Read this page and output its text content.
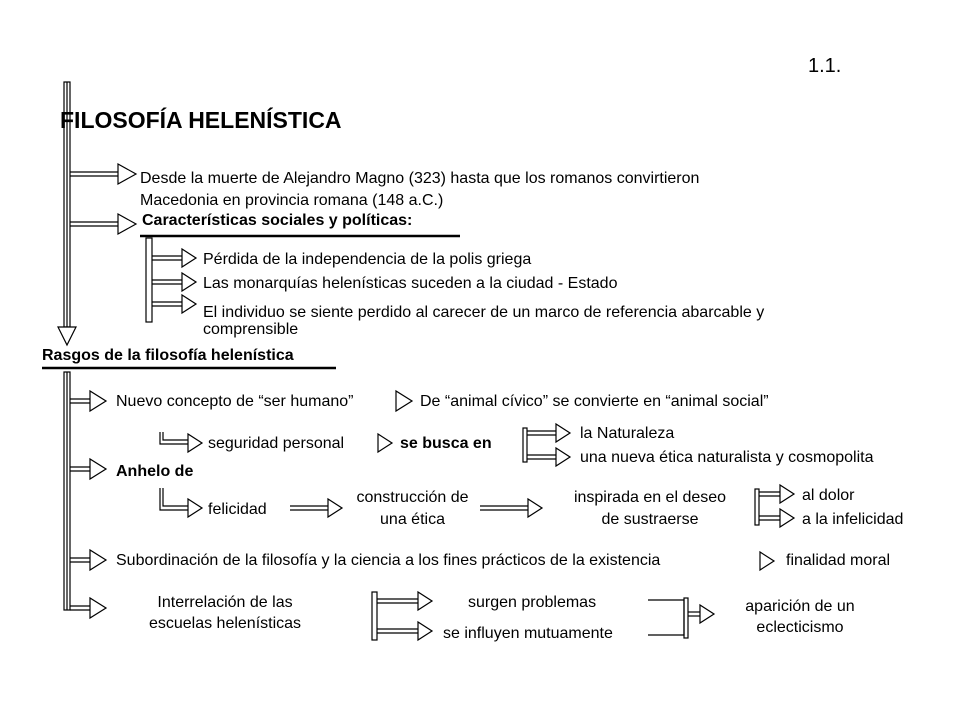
1.1.
FILOSOFÍA HELENÍSTICA
Desde la muerte de Alejandro Magno (323) hasta que los romanos convirtieron
Macedonia en provincia romana (148 a.C.)
Características sociales y políticas:
Pérdida de la independencia de la polis griega
Las monarquías helenísticas suceden a la ciudad - Estado
El individuo se siente perdido al carecer de un marco de referencia abarcable y
comprensible
Rasgos de la filosofía helenística
Nuevo concepto de “ser humano”	De “animal cívico” se convierte en “animal social”
seguridad personal	se busca en
la Naturaleza
una nueva ética naturalista y cosmopolita
Anhelo de
felicidad
construcción de
una ética
inspirada en el deseo
de sustraerse
al dolor
a la infelicidad
Subordinación de la filosofía y la ciencia a los fines prácticos de la existencia	finalidad moral
Interrelación de las
escuelas helenísticas
surgen problemas
se influyen mutuamente
aparición de un
eclecticismo
